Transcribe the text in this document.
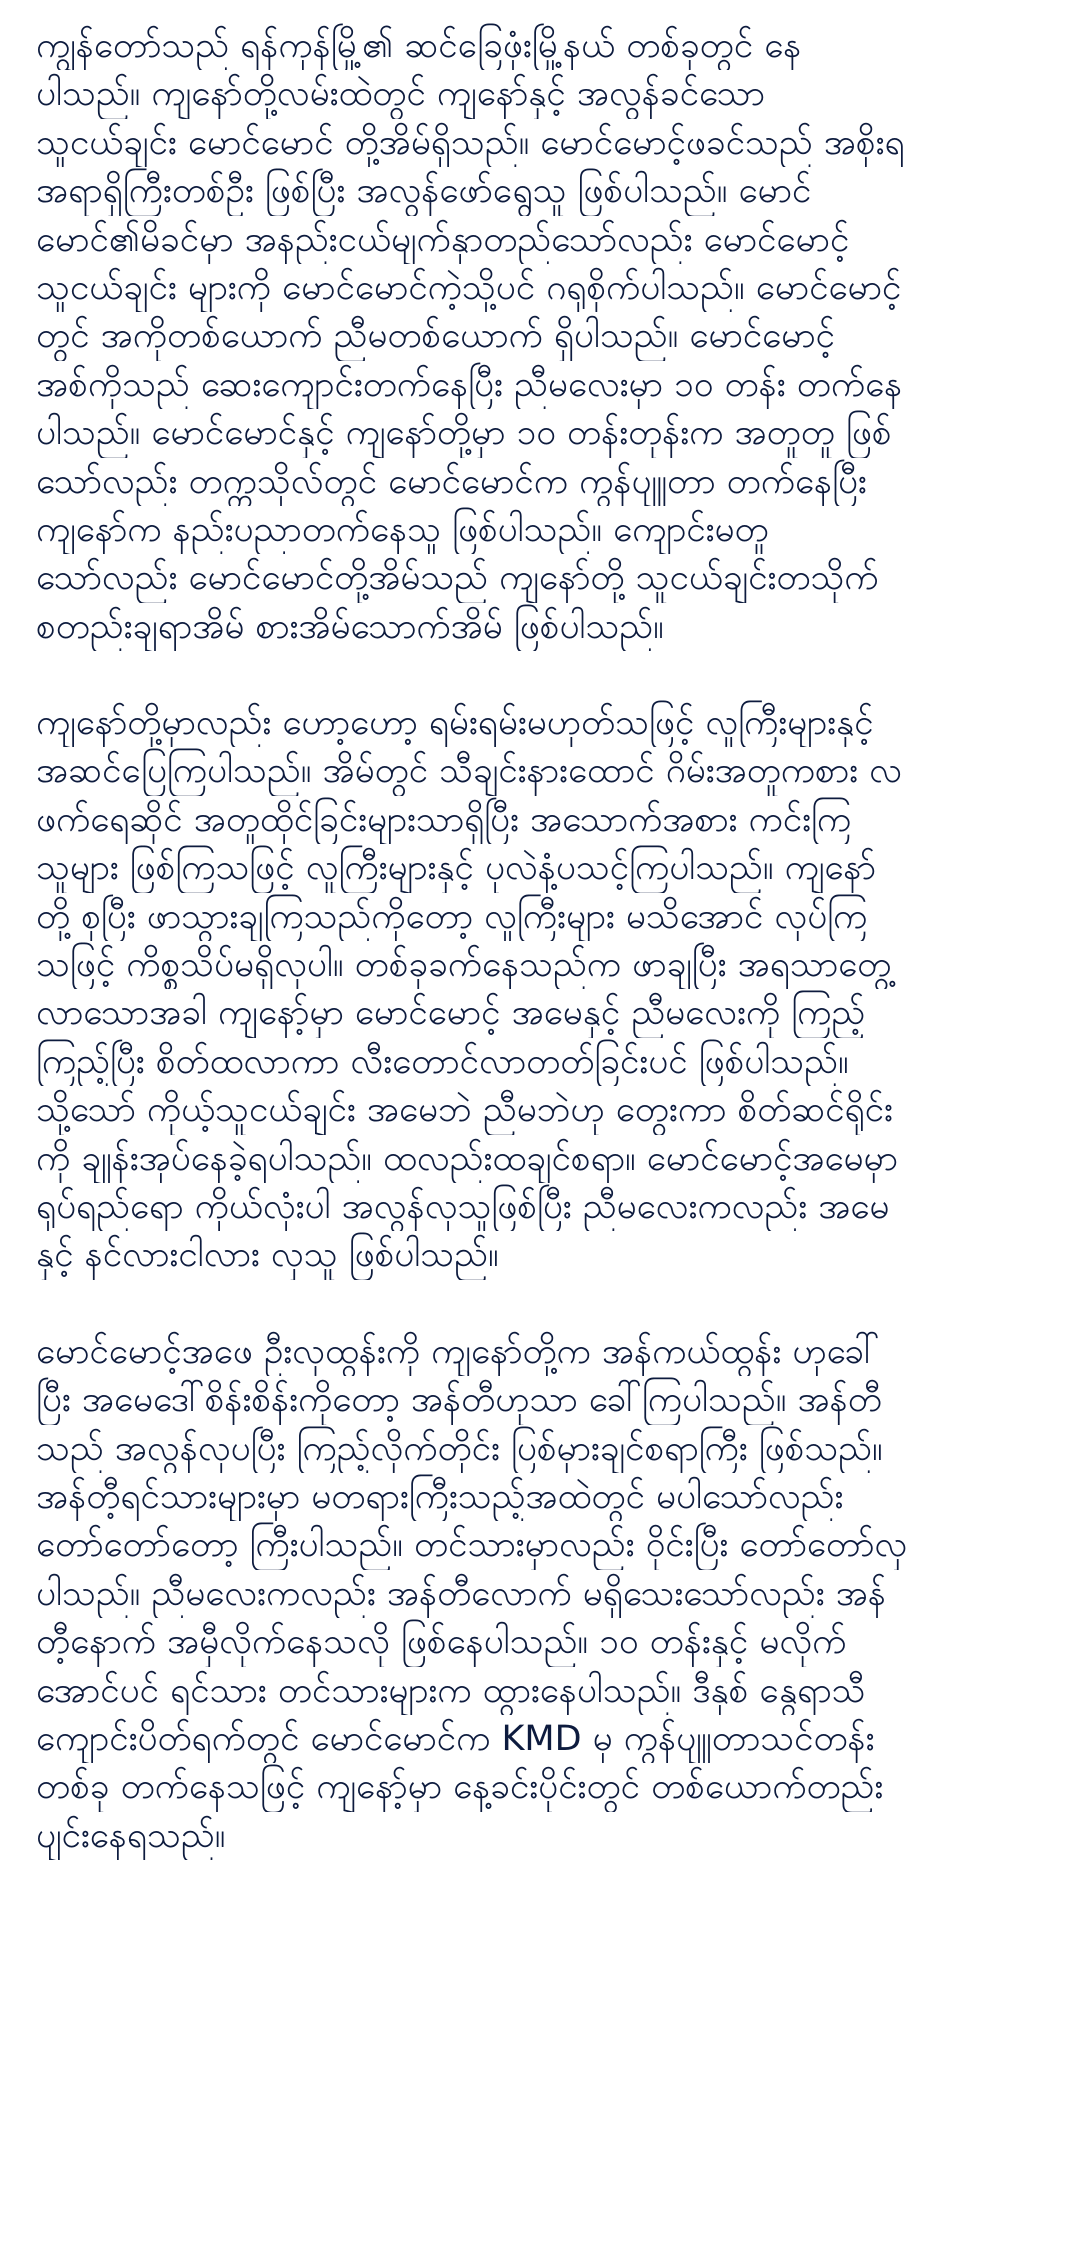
ကျွန်တော်သည် ရန်ကုန်မြို့၏ ဆင်ခြေဖုံးမြို့နယ် တစ်ခုတွင် နေ
ပါသည်။ ကျနော်တို့လမ်းထဲတွင် ကျနော်နှင့် အလွန်ခင်သော
သူငယ်ချင်း မောင်မောင် တို့အိမ်ရှိသည်။ မောင်မောင့်ဖခင်သည် အစိုးရ
အရာရှိကြီးတစ်ဦး ဖြစ်ပြီး အလွန်ဖော်ရွေသူ ဖြစ်ပါသည်။ မောင်
မောင်၏မိခင်မှာ အနည်းငယ်မျက်နှာတည်သော်လည်း မောင်မောင့်
သူငယ်ချင်း များကို မောင်မောင်ကဲ့သို့ပင် ဂရုစိုက်ပါသည်။ မောင်မောင့်
တွင် အကိုတစ်ယောက် ညီမတစ်ယောက် ရှိပါသည်။ မောင်မောင့်
အစ်ကိုသည် ဆေးကျောင်းတက်နေပြီး ညီမလေးမှာ ၁၀ တန်း တက်နေ
ပါသည်။ မောင်မောင်နှင့် ကျနော်တို့မှာ ၁၀ တန်းတုန်းက အတူတူ ဖြစ်
သော်လည်း တက္ကသိုလ်တွင် မောင်မောင်က ကွန်ပျူတာ တက်နေပြီး
ကျနော်က နည်းပညာတက်နေသူ ဖြစ်ပါသည်။ ကျောင်းမတူ
သော်လည်း မောင်မောင်တို့အိမ်သည် ကျနော်တို့ သူငယ်ချင်းတသိုက်
စတည်းချရာအိမ် စားအိမ်သောက်အိမ် ဖြစ်ပါသည်။
ကျနော်တို့မှာလည်း ဟော့ဟော့ ရမ်းရမ်းမဟုတ်သဖြင့် လူကြီးများနှင့်
အဆင်ပြေကြပါသည်။ အိမ်တွင် သီချင်းနားထောင် ဂိမ်းအတူကစား လ
ဖက်ရေဆိုင် အတူထိုင်ခြင်းများသာရှိပြီး အသောက်အစား ကင်းကြ
သူများ ဖြစ်ကြသဖြင့် လူကြီးများနှင့် ပုလဲနံ့ပသင့်ကြပါသည်။ ကျနော်
တို့ စုပြီး ဖာသွားချကြသည်ကိုတော့ လူကြီးများ မသိအောင် လုပ်ကြ
သဖြင့် ကိစ္စသိပ်မရှိလှပါ။ တစ်ခုခက်နေသည်က ဖာချပြီး အရသာတွေ့
လာသောအခါ ကျနော့်မှာ မောင်မောင့် အမေနှင့် ညီမလေးကို ကြည့်
ကြည့်ပြီး စိတ်ထလာကာ လီးတောင်လာတတ်ခြင်းပင် ဖြစ်ပါသည်။
သို့သော် ကိုယ့်သူငယ်ချင်း အမေဘဲ ညီမဘဲဟု တွေးကာ စိတ်ဆင်ရိုင်း
ကို ချုန်းအုပ်နေခဲ့ရပါသည်။ ထလည်းထချင်စရာ။ မောင်မောင့်အမေမှာ
ရုပ်ရည်ရော ကိုယ်လုံးပါ အလွန်လှသူဖြစ်ပြီး ညီမလေးကလည်း အမေ
နှင့် နင်လားငါလား လှသူ ဖြစ်ပါသည်။
မောင်မောင့်အဖေ ဦးလှထွန်းကို ကျနော်တို့က အန်ကယ်ထွန်း ဟုခေါ်
ပြီး အမေဒေါ်စိန်းစိန်းကိုတော့ အန်တီဟုသာ ခေါ်ကြပါသည်။ အန်တီ
သည် အလွန်လှပပြီး ကြည့်လိုက်တိုင်း ပြစ်မှားချင်စရာကြီး ဖြစ်သည်။
အန်တီ့ရင်သားများမှာ မတရားကြီးသည့်အထဲတွင် မပါသော်လည်း
တော်တော်တော့ ကြီးပါသည်။ တင်သားမှာလည်း ဝိုင်းပြီး တော်တော်လှ
ပါသည်။ ညီမလေးကလည်း အန်တီလောက် မရှိသေးသော်လည်း အန်
တီ့နောက် အမှီလိုက်နေသလို ဖြစ်နေပါသည်။ ၁၀ တန်းနှင့် မလိုက်
အောင်ပင် ရင်သား တင်သားများက ထွားနေပါသည်။ ဒီနှစ် နွေရာသီ
ကျောင်းပိတ်ရက်တွင် မောင်မောင်က KMD မှ ကွန်ပျူတာသင်တန်း
တစ်ခု တက်နေသဖြင့် ကျနော့်မှာ နေ့ခင်းပိုင်းတွင် တစ်ယောက်တည်း
ပျင်းနေရသည်။
